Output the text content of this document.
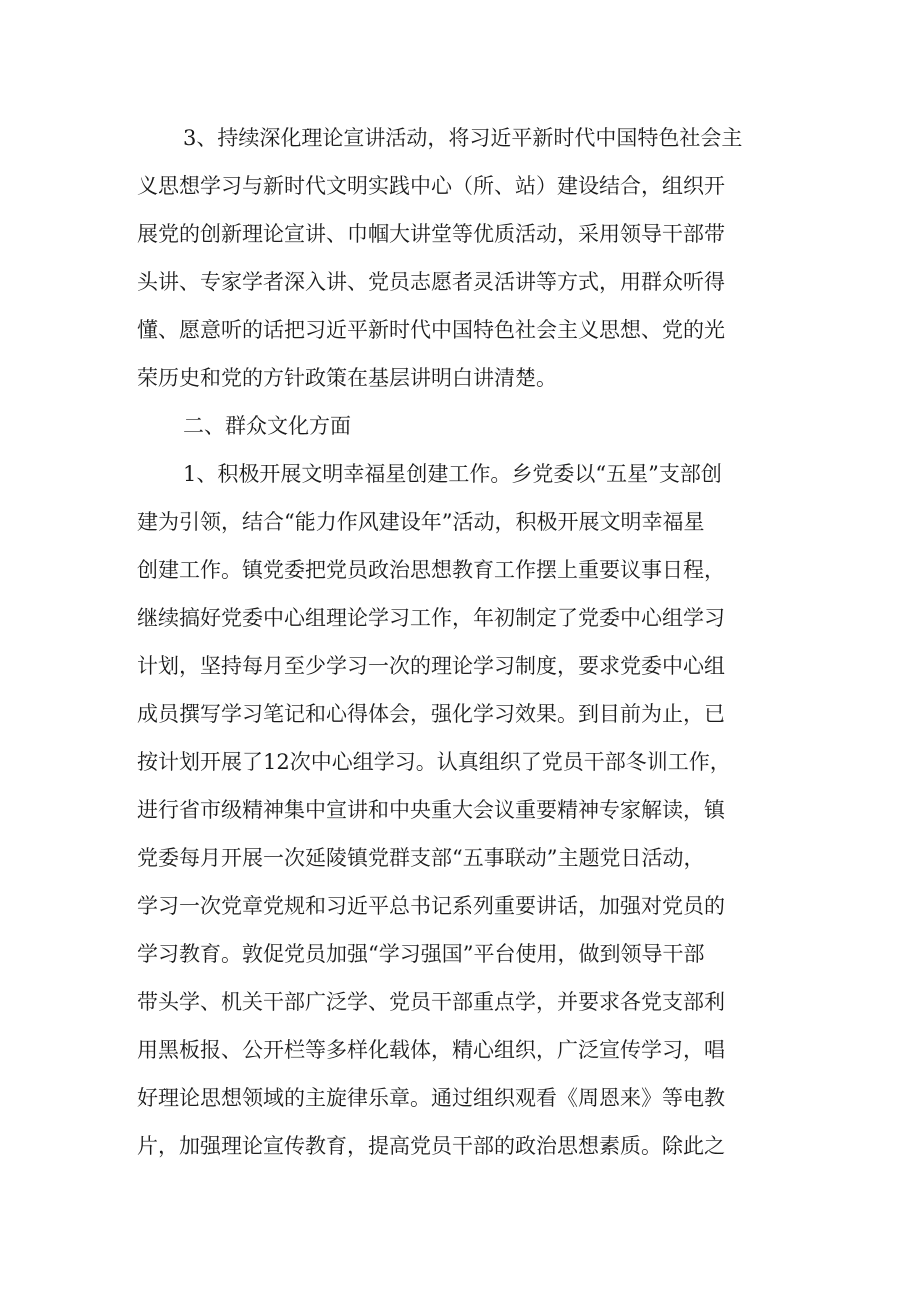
3、持续深化理论宣讲活动，将习近平新时代中国特色社会主
义思想学习与新时代文明实践中心（所、站）建设结合，组织开
展党的创新理论宣讲、巾帼大讲堂等优质活动，采用领导干部带
头讲、专家学者深入讲、党员志愿者灵活讲等方式，用群众听得
懂、愿意听的话把习近平新时代中国特色社会主义思想、党的光
荣历史和党的方针政策在基层讲明白讲清楚。
二、群众文化方面
1、积极开展文明幸福星创建工作。乡党委以“五星”支部创
建为引领，结合“能力作风建设年”活动，积极开展文明幸福星
创建工作。镇党委把党员政治思想教育工作摆上重要议事日程，
继续搞好党委中心组理论学习工作，年初制定了党委中心组学习
计划，坚持每月至少学习一次的理论学习制度，要求党委中心组
成员撰写学习笔记和心得体会，强化学习效果。到目前为止，已
按计划开展了12次中心组学习。认真组织了党员干部冬训工作，
进行省市级精神集中宣讲和中央重大会议重要精神专家解读，镇
党委每月开展一次延陵镇党群支部“五事联动”主题党日活动，
学习一次党章党规和习近平总书记系列重要讲话，加强对党员的
学习教育。敦促党员加强“学习强国”平台使用，做到领导干部
带头学、机关干部广泛学、党员干部重点学，并要求各党支部利
用黑板报、公开栏等多样化载体，精心组织，广泛宣传学习，唱
好理论思想领域的主旋律乐章。通过组织观看《周恩来》等电教
片，加强理论宣传教育，提高党员干部的政治思想素质。除此之
